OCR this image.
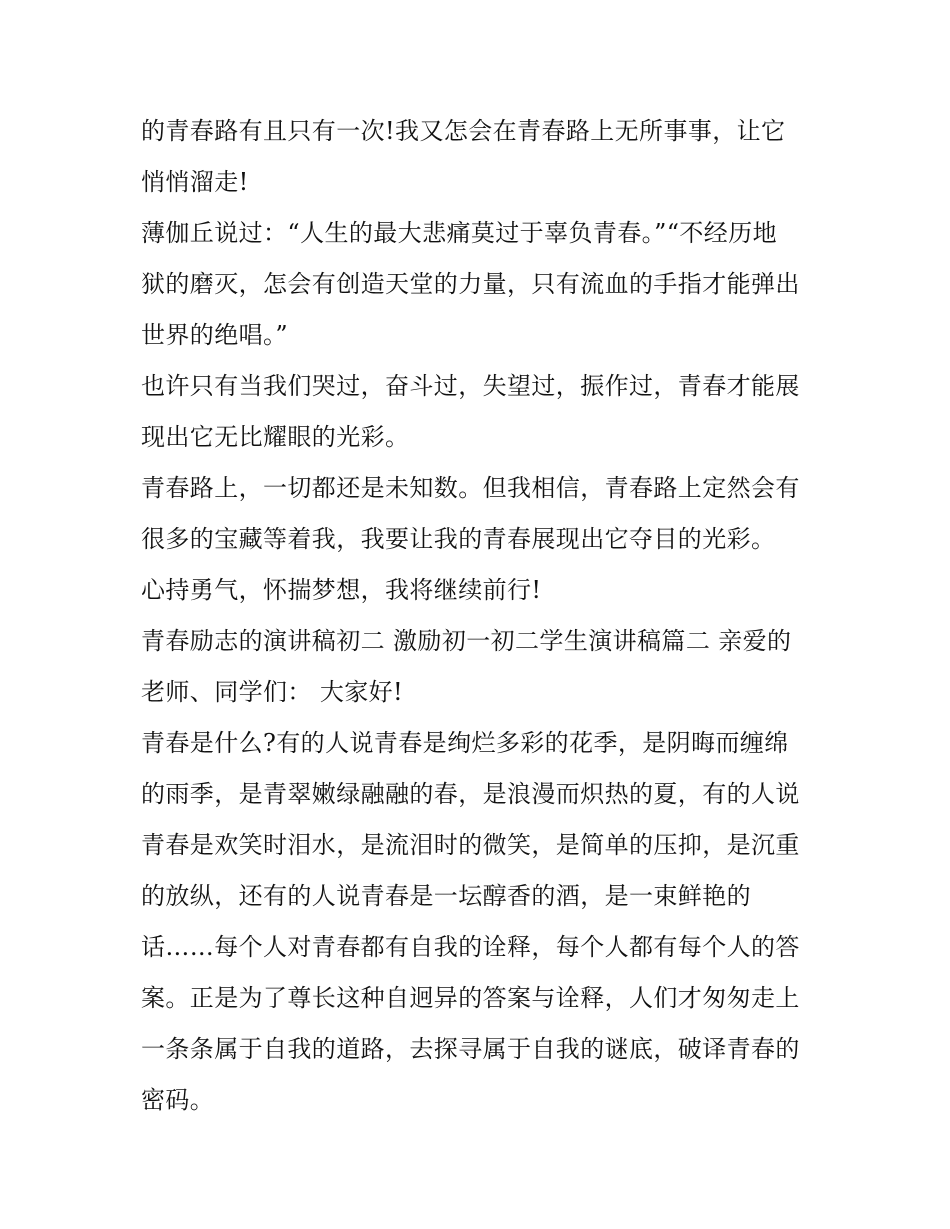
的青春路有且只有一次!我又怎会在青春路上无所事事，让它
悄悄溜走!
薄伽丘说过：“人生的最大悲痛莫过于辜负青春。”“不经历地
狱的磨灭，怎会有创造天堂的力量，只有流血的手指才能弹出
世界的绝唱。”
也许只有当我们哭过，奋斗过，失望过，振作过，青春才能展
现出它无比耀眼的光彩。
青春路上，一切都还是未知数。但我相信，青春路上定然会有
很多的宝藏等着我，我要让我的青春展现出它夺目的光彩。
心持勇气，怀揣梦想，我将继续前行!
青春励志的演讲稿初二 激励初一初二学生演讲稿篇二 亲爱的
老师、同学们： 大家好!
青春是什么?有的人说青春是绚烂多彩的花季，是阴晦而缠绵
的雨季，是青翠嫩绿融融的春，是浪漫而炽热的夏，有的人说
青春是欢笑时泪水，是流泪时的微笑，是简单的压抑，是沉重
的放纵，还有的人说青春是一坛醇香的酒，是一束鲜艳的
话……每个人对青春都有自我的诠释，每个人都有每个人的答
案。正是为了尊长这种自迥异的答案与诠释，人们才匆匆走上
一条条属于自我的道路，去探寻属于自我的谜底，破译青春的
密码。
